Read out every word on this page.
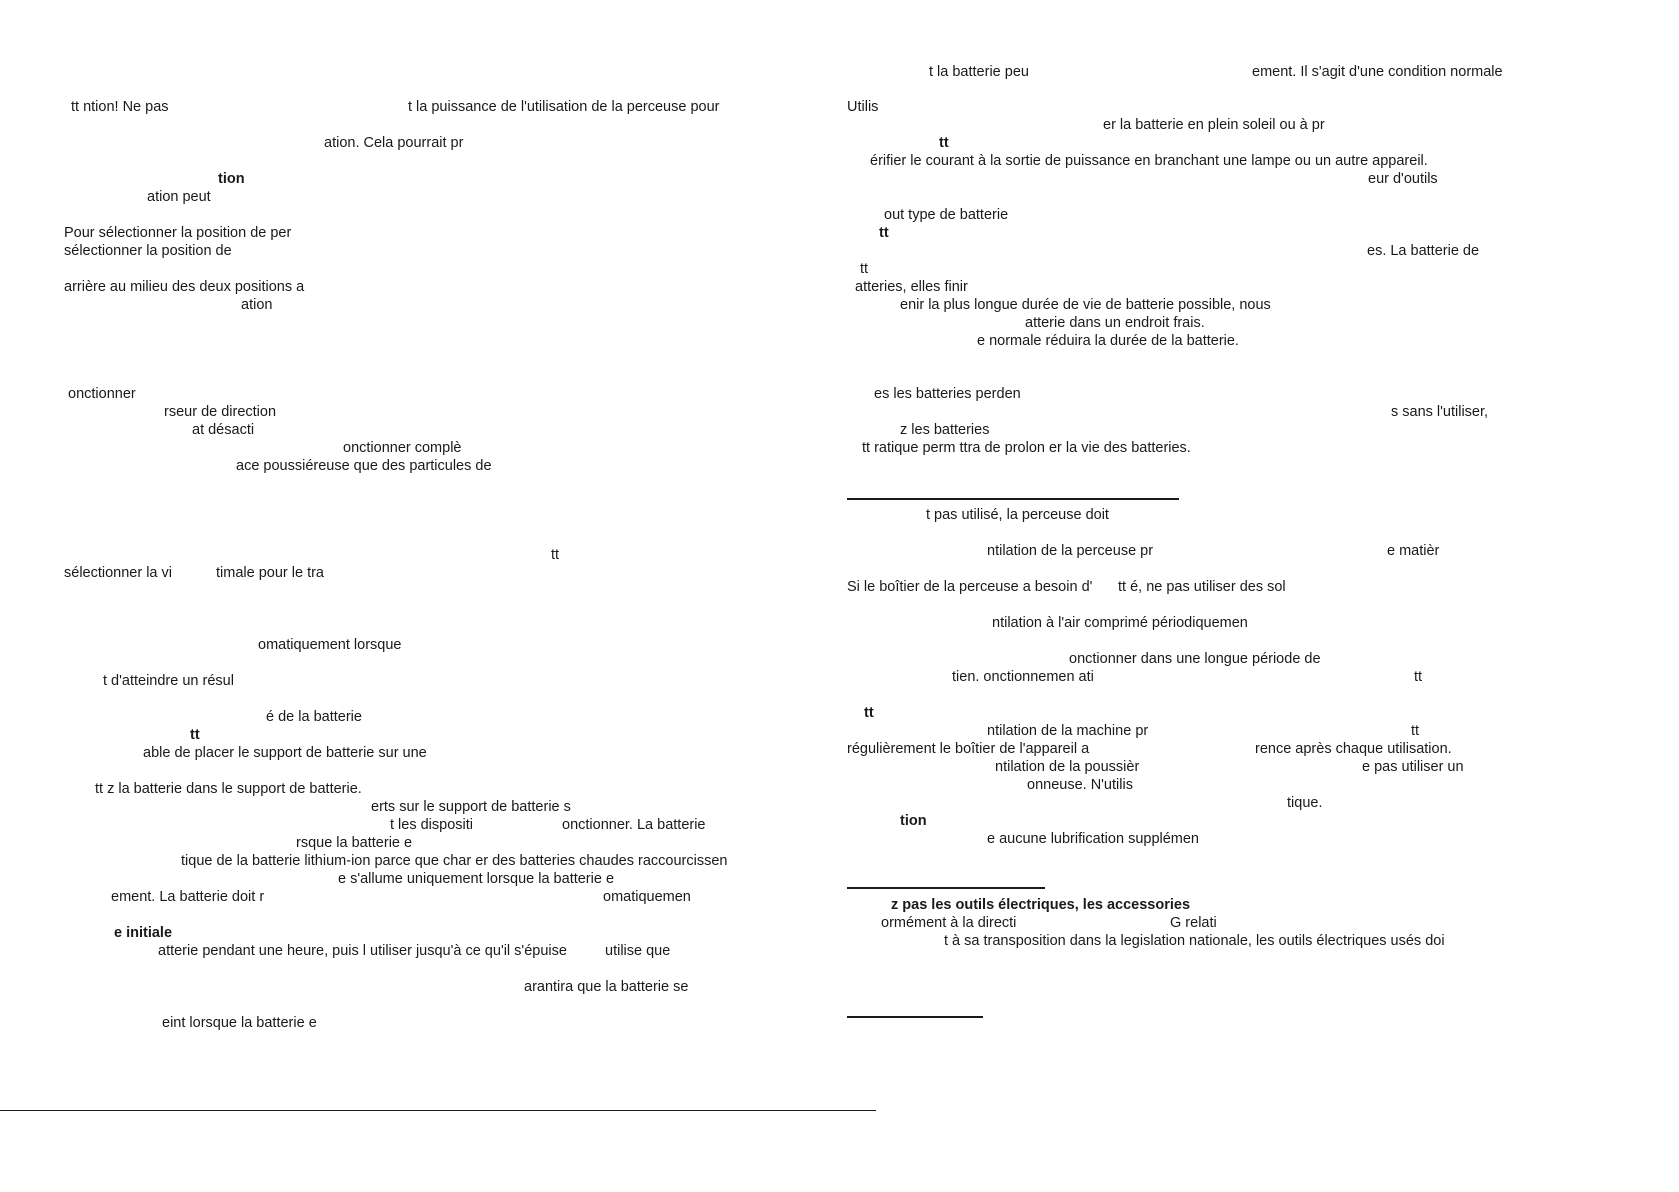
tt ntion! Ne pas	t la puissance de l'utilisation de la perceuse pour
ation. Cela pourrait pr
tion
ation peut
Pour sélectionner la position de per
sélectionner la position de
arrière au milieu des deux positions a
ation
onctionner
rseur de direction
at désacti
onctionner complè
ace poussiéreuse que des particules de
tt
sélectionner la vi	timale pour le tra
omatiquement lorsque
t d'atteindre un résul
é de la batterie
tt
able de placer le support de batterie sur une
tt z la batterie dans le support de batterie.
erts sur le support de batterie s
t les dispositi	onctionner. La batterie
rsque la batterie e
tique de la batterie lithium-ion parce que char er des batteries chaudes raccourcissen
e s'allume uniquement lorsque la batterie e
ement. La batterie doit r	omatiquemen
e initiale
atterie pendant une heure, puis l utiliser jusqu'à ce qu'il s'épuise	utilise que
arantira que la batterie se
eint lorsque la batterie e
t la batterie peu	ement. Il s'agit d'une condition normale
Utilis
er la batterie en plein soleil ou à pr
tt
érifier le courant à la sortie de puissance en branchant une lampe ou un autre appareil.
eur d'outils
out type de batterie
tt
es. La batterie de
tt
atteries, elles finir
enir la plus longue durée de vie de batterie possible, nous
atterie dans un endroit frais.
e normale réduira la durée de la batterie.
es les batteries perden
s sans l'utiliser,
z les batteries
tt ratique perm ttra de prolon er la vie des batteries.
t pas utilisé, la perceuse doit
ntilation de la perceuse pr	e matièr
Si le boîtier de la perceuse a besoin d' tt é, ne pas utiliser des sol
ntilation à l'air comprimé périodiquemen
onctionner dans une longue période de
tien. onctionnemen ati	tt
tt
ntilation de la machine pr	tt
régulièrement le boîtier de l'appareil a	rence après chaque utilisation.
ntilation de la poussièr	e pas utiliser un
onneuse. N'utilis
tique.
tion
e aucune lubrification supplémen
z pas les outils électriques, les accessories
ormément à la directi	G relati
t à sa transposition dans la legislation nationale, les outils électriques usés doi
